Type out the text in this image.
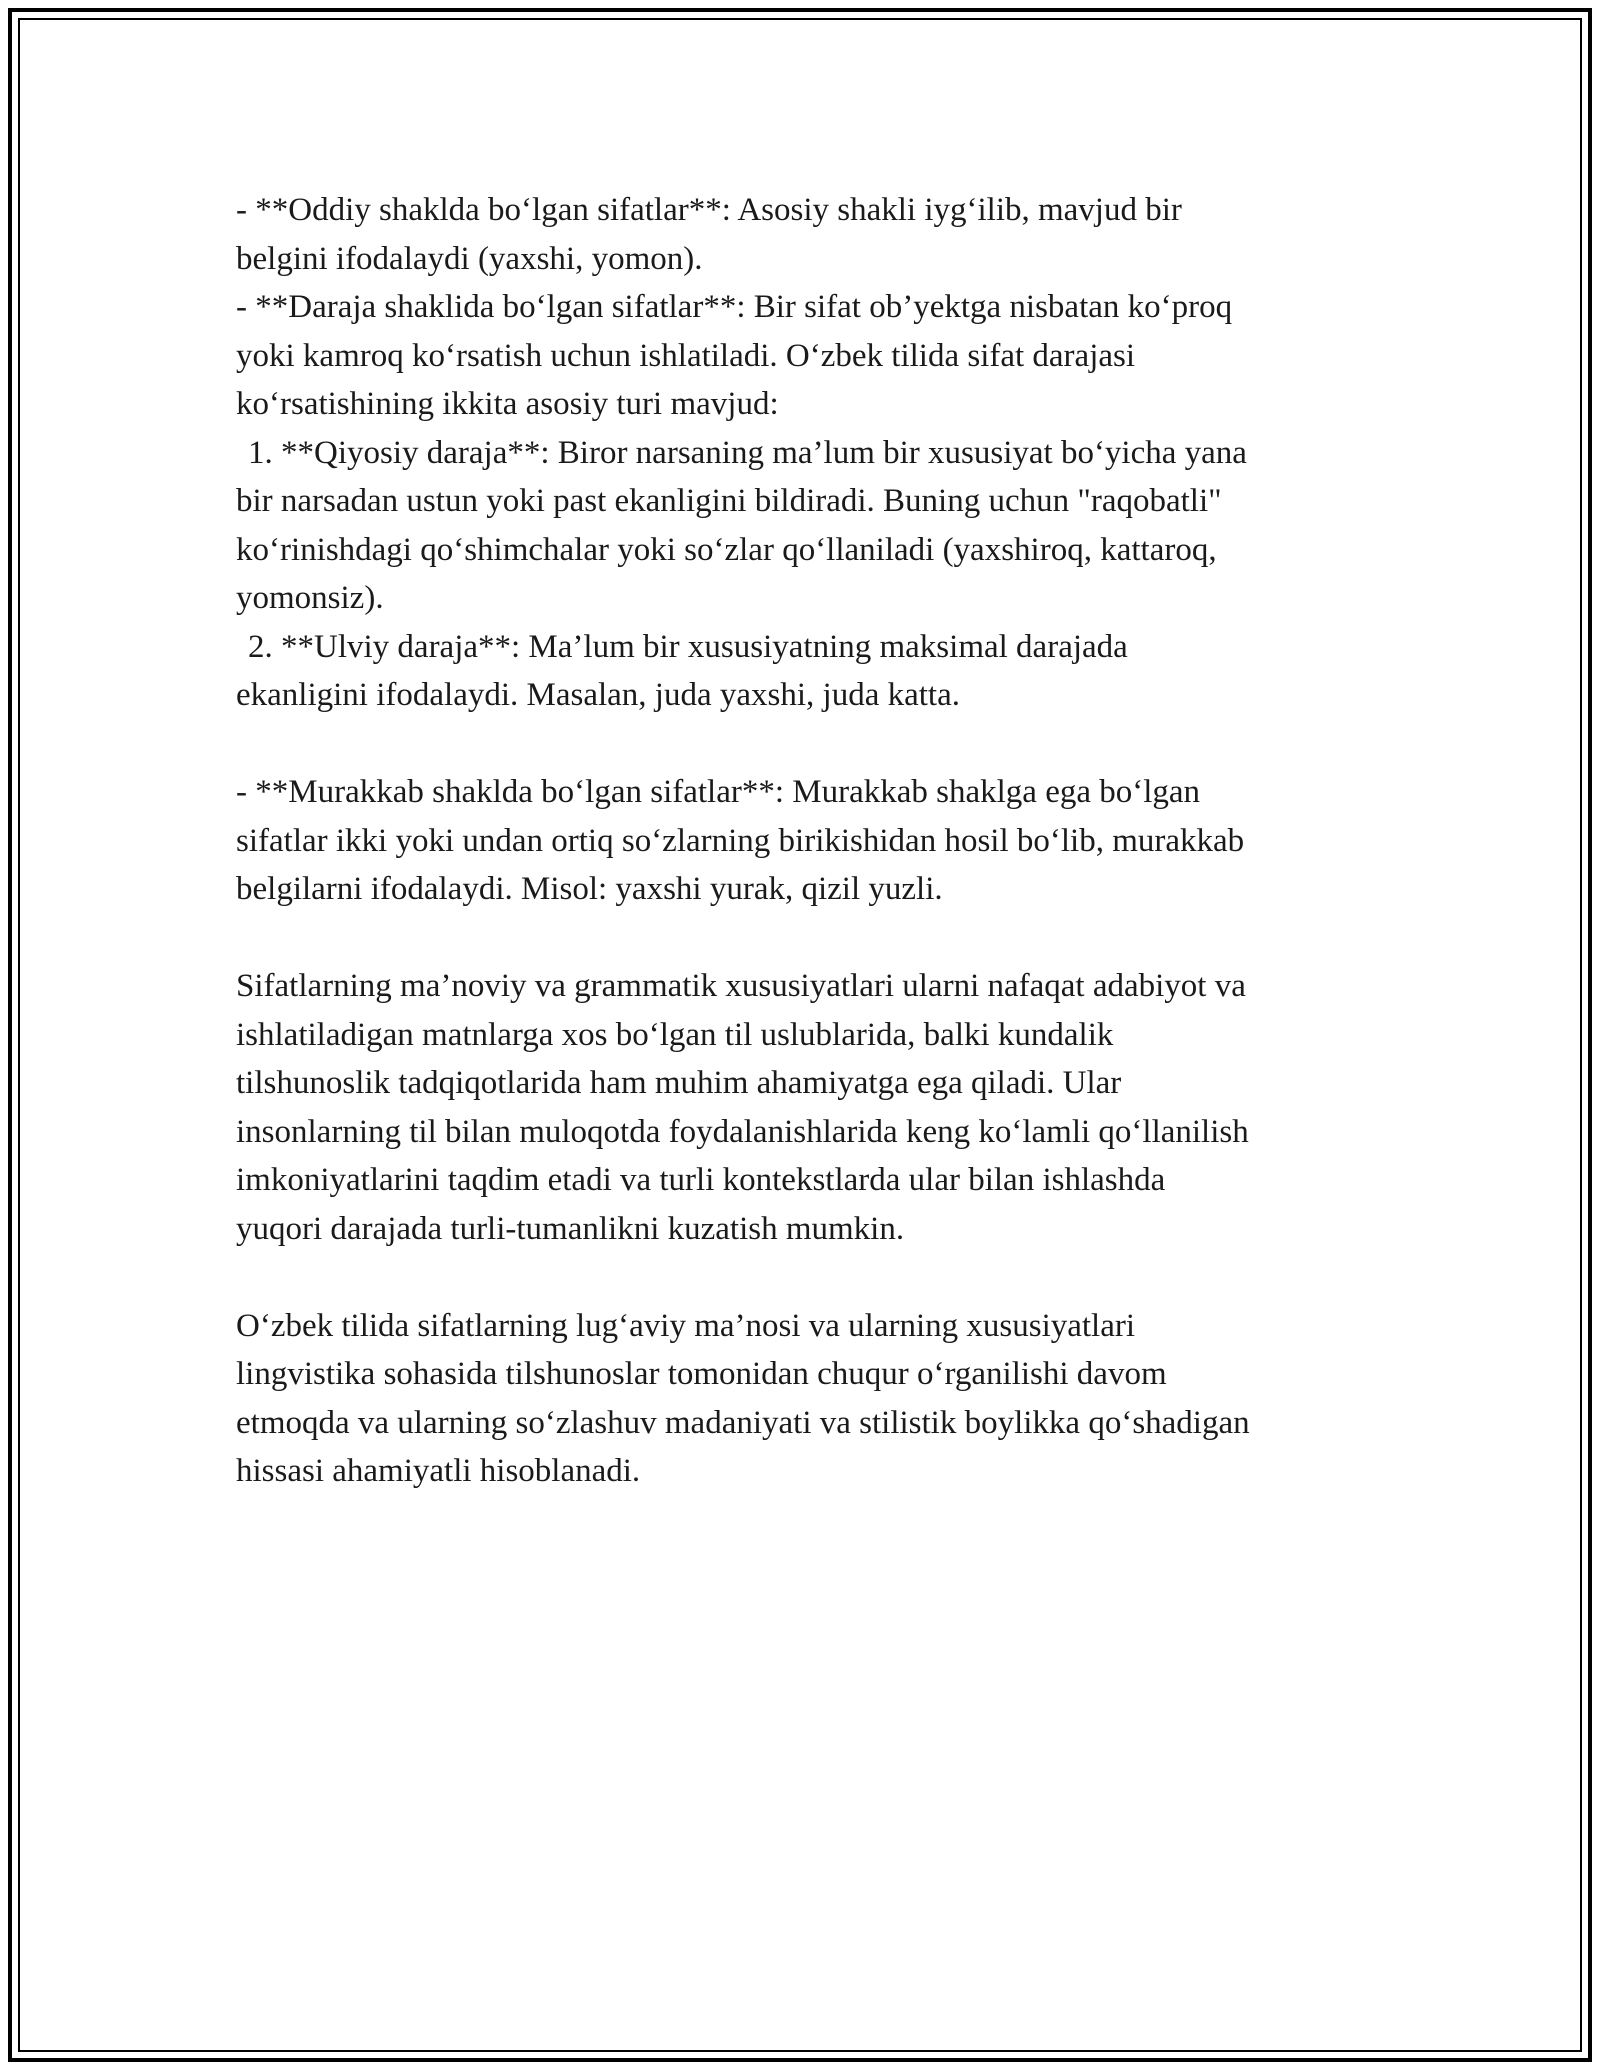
- **Oddiy shaklda bo‘lgan sifatlar**: Asosiy shakli iyg‘ilib, mavjud bir
belgini ifodalaydi (yaxshi, yomon).
- **Daraja shaklida bo‘lgan sifatlar**: Bir sifat ob’yektga nisbatan ko‘proq
yoki kamroq ko‘rsatish uchun ishlatiladi. O‘zbek tilida sifat darajasi
ko‘rsatishining ikkita asosiy turi mavjud:
1. **Qiyosiy daraja**: Biror narsaning ma’lum bir xususiyat bo‘yicha yana
bir narsadan ustun yoki past ekanligini bildiradi. Buning uchun "raqobatli"
ko‘rinishdagi qo‘shimchalar yoki so‘zlar qo‘llaniladi (yaxshiroq, kattaroq,
yomonsiz).
2. **Ulviy daraja**: Ma’lum bir xususiyatning maksimal darajada
ekanligini ifodalaydi. Masalan, juda yaxshi, juda katta.
- **Murakkab shaklda bo‘lgan sifatlar**: Murakkab shaklga ega bo‘lgan
sifatlar ikki yoki undan ortiq so‘zlarning birikishidan hosil bo‘lib, murakkab
belgilarni ifodalaydi. Misol: yaxshi yurak, qizil yuzli.
Sifatlarning ma’noviy va grammatik xususiyatlari ularni nafaqat adabiyot va
ishlatiladigan matnlarga xos bo‘lgan til uslublarida, balki kundalik
tilshunoslik tadqiqotlarida ham muhim ahamiyatga ega qiladi. Ular
insonlarning til bilan muloqotda foydalanishlarida keng ko‘lamli qo‘llanilish
imkoniyatlarini taqdim etadi va turli kontekstlarda ular bilan ishlashda
yuqori darajada turli-tumanlikni kuzatish mumkin.
O‘zbek tilida sifatlarning lug‘aviy ma’nosi va ularning xususiyatlari
lingvistika sohasida tilshunoslar tomonidan chuqur o‘rganilishi davom
etmoqda va ularning so‘zlashuv madaniyati va stilistik boylikka qo‘shadigan
hissasi ahamiyatli hisoblanadi.
